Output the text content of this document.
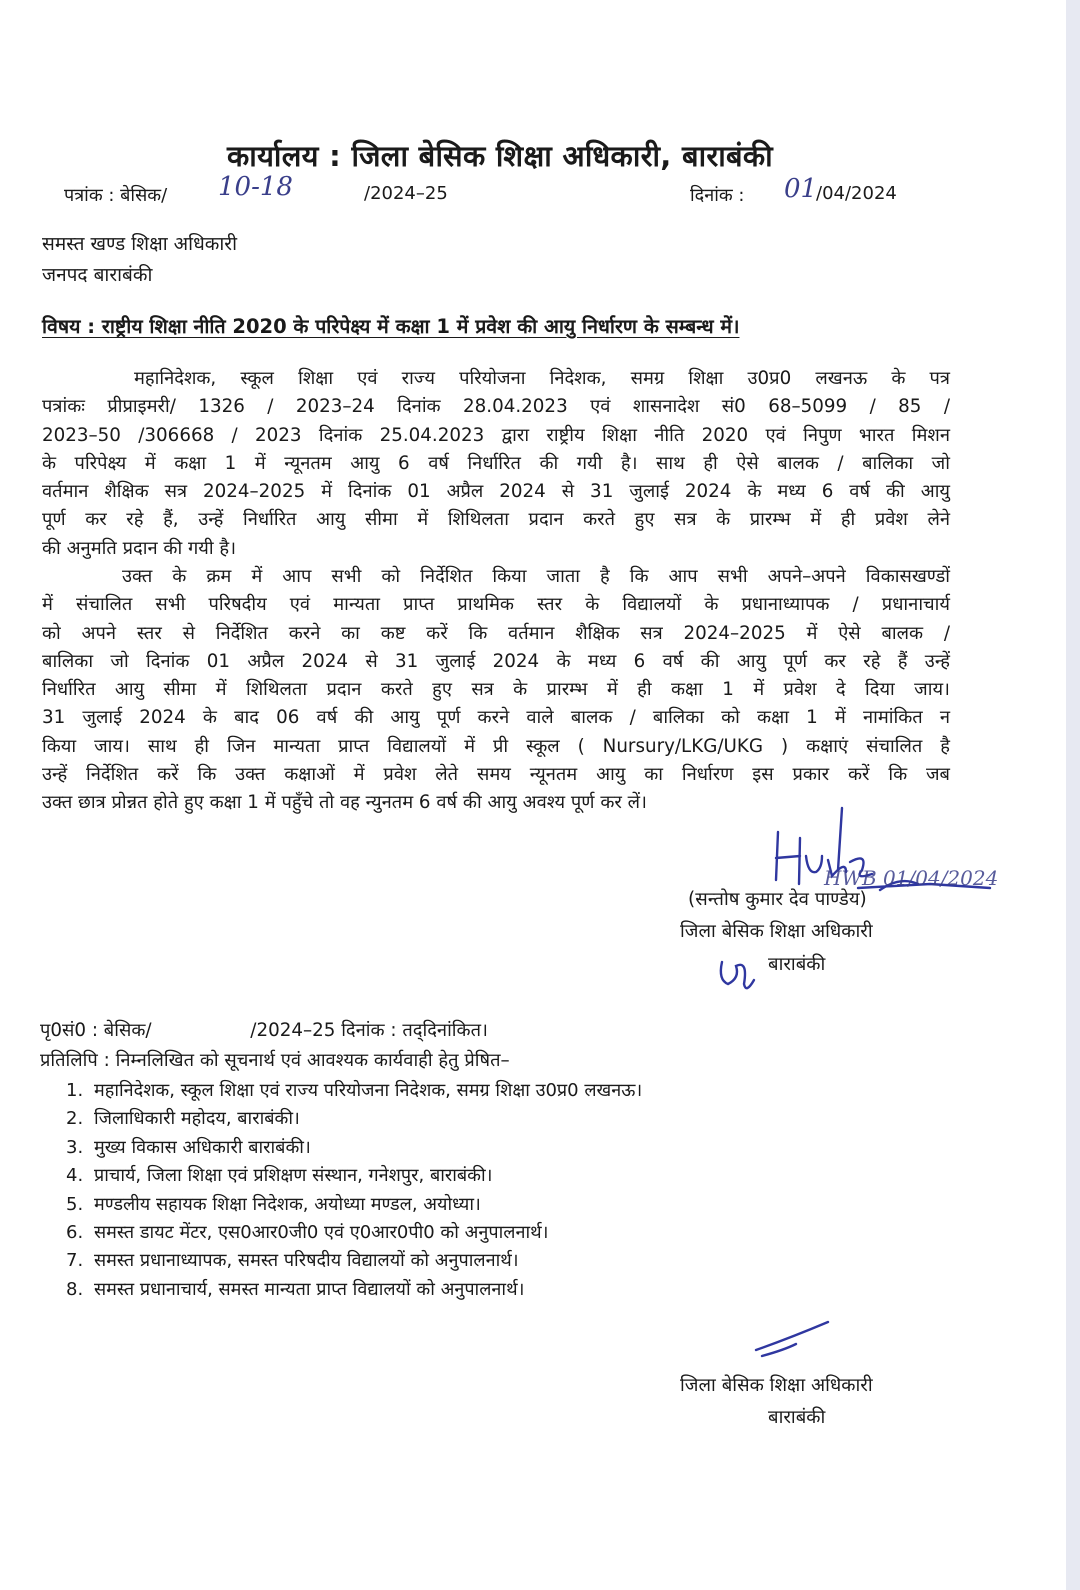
कार्यालय : जिला बेसिक शिक्षा अधिकारी, बाराबंकी
पत्रांक : बेसिक/ 10-18	/2024–25	दिनांक : 01
/04/2024
समस्त खण्ड शिक्षा अधिकारी
जनपद बाराबंकी
विषय : राष्ट्रीय शिक्षा नीति 2020 के परिपेक्ष्य में कक्षा 1 में प्रवेश की आयु निर्धारण के सम्बन्ध में।
महानिदेशक, स्कूल शिक्षा एवं राज्य परियोजना निदेशक, समग्र शिक्षा उ0प्र0 लखनऊ के पत्र
पत्रांकः प्रीप्राइमरी/ 1326 / 2023–24 दिनांक 28.04.2023 एवं शासनादेश सं0 68–5099 / 85 /
2023–50 /306668 / 2023 दिनांक 25.04.2023 द्वारा राष्ट्रीय शिक्षा नीति 2020 एवं निपुण भारत मिशन
के परिपेक्ष्य में कक्षा 1 में न्यूनतम आयु 6 वर्ष निर्धारित की गयी है। साथ ही ऐसे बालक / बालिका जो
वर्तमान शैक्षिक सत्र 2024–2025 में दिनांक 01 अप्रैल 2024 से 31 जुलाई 2024 के मध्य 6 वर्ष की आयु
पूर्ण कर रहे हैं, उन्हें निर्धारित आयु सीमा में शिथिलता प्रदान करते हुए सत्र के प्रारम्भ में ही प्रवेश लेने
की अनुमति प्रदान की गयी है।
उक्त के क्रम में आप सभी को निर्देशित किया जाता है कि आप सभी अपने–अपने विकासखण्डों
में संचालित सभी परिषदीय एवं मान्यता प्राप्त प्राथमिक स्तर के विद्यालयों के प्रधानाध्यापक / प्रधानाचार्य
को अपने स्तर से निर्देशित करने का कष्ट करें कि वर्तमान शैक्षिक सत्र 2024–2025 में ऐसे बालक /
बालिका जो दिनांक 01 अप्रैल 2024 से 31 जुलाई 2024 के मध्य 6 वर्ष की आयु पूर्ण कर रहे हैं उन्हें
निर्धारित आयु सीमा में शिथिलता प्रदान करते हुए सत्र के प्रारम्भ में ही कक्षा 1 में प्रवेश दे दिया जाय।
31 जुलाई 2024 के बाद 06 वर्ष की आयु पूर्ण करने वाले बालक / बालिका को कक्षा 1 में नामांकित न
किया जाय। साथ ही जिन मान्यता प्राप्त विद्यालयों में प्री स्कूल ( Nursury/LKG/UKG ) कक्षाएं संचालित है
उन्हें निर्देशित करें कि उक्त कक्षाओं में प्रवेश लेते समय न्यूनतम आयु का निर्धारण इस प्रकार करें कि जब
उक्त छात्र प्रोन्नत होते हुए कक्षा 1 में पहुँचे तो वह न्युनतम 6 वर्ष की आयु अवश्य पूर्ण कर लें।
HWB 01/04/2024
(सन्तोष कुमार देव पाण्डेय)
जिला बेसिक शिक्षा अधिकारी
बाराबंकी
पृ0सं0 : बेसिक/                 /2024–25 दिनांक : तद्‌दिनांकित।
प्रतिलिपि : निम्नलिखित को सूचनार्थ एवं आवश्यक कार्यवाही हेतु प्रेषित–
1. महानिदेशक, स्कूल शिक्षा एवं राज्य परियोजना निदेशक, समग्र शिक्षा उ0प्र0 लखनऊ।
2. जिलाधिकारी महोदय, बाराबंकी।
3. मुख्य विकास अधिकारी बाराबंकी।
4. प्राचार्य, जिला शिक्षा एवं प्रशिक्षण संस्थान, गनेशपुर, बाराबंकी।
5. मण्डलीय सहायक शिक्षा निदेशक, अयोध्या मण्डल, अयोध्या।
6. समस्त डायट मेंटर, एस0आर0जी0 एवं ए0आर0पी0 को अनुपालनार्थ।
7. समस्त प्रधानाध्यापक, समस्त परिषदीय विद्यालयों को अनुपालनार्थ।
8. समस्त प्रधानाचार्य, समस्त मान्यता प्राप्त विद्यालयों को अनुपालनार्थ।
जिला बेसिक शिक्षा अधिकारी
बाराबंकी
